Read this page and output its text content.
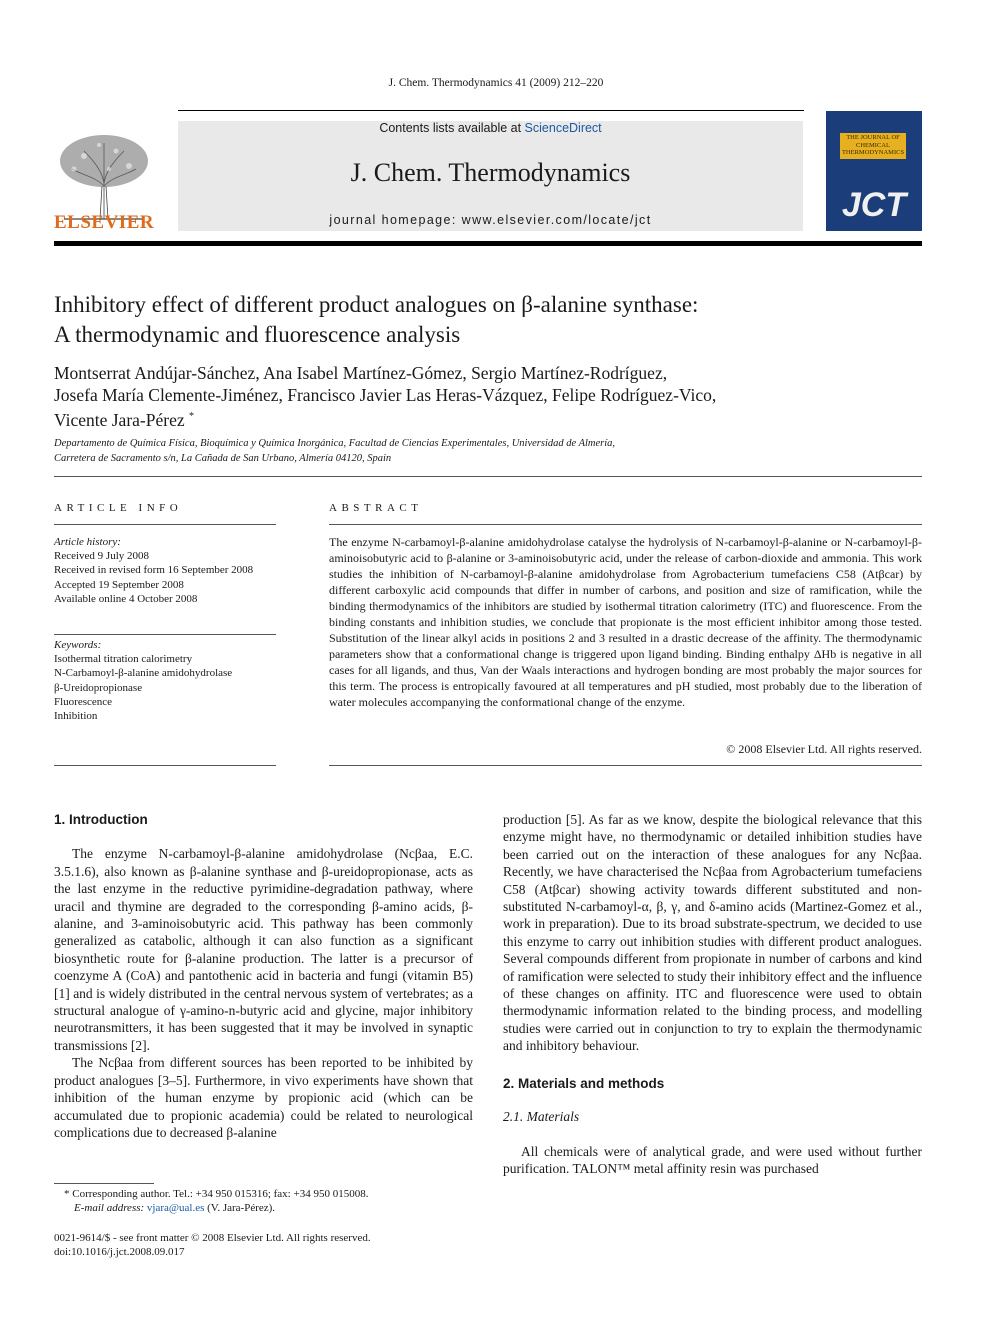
J. Chem. Thermodynamics 41 (2009) 212–220
ELSEVIER
Contents lists available at ScienceDirect
J. Chem. Thermodynamics
journal homepage: www.elsevier.com/locate/jct
THE JOURNAL OF CHEMICAL THERMODYNAMICS
JCT
Inhibitory effect of different product analogues on β-alanine synthase:
A thermodynamic and fluorescence analysis
Montserrat Andújar-Sánchez, Ana Isabel Martínez-Gómez, Sergio Martínez-Rodríguez,
Josefa María Clemente-Jiménez, Francisco Javier Las Heras-Vázquez, Felipe Rodríguez-Vico,
Vicente Jara-Pérez *
Departamento de Química Física, Bioquímica y Química Inorgánica, Facultad de Ciencias Experimentales, Universidad de Almería,
Carretera de Sacramento s/n, La Cañada de San Urbano, Almería 04120, Spain
ARTICLE INFO
Article history:
Received 9 July 2008
Received in revised form 16 September 2008
Accepted 19 September 2008
Available online 4 October 2008
Keywords:
Isothermal titration calorimetry
N-Carbamoyl-β-alanine amidohydrolase
β-Ureidopropionase
Fluorescence
Inhibition
ABSTRACT
The enzyme N-carbamoyl-β-alanine amidohydrolase catalyse the hydrolysis of N-carbamoyl-β-alanine or N-carbamoyl-β-aminoisobutyric acid to β-alanine or 3-aminoisobutyric acid, under the release of carbon-dioxide and ammonia. This work studies the inhibition of N-carbamoyl-β-alanine amidohydrolase from Agrobacterium tumefaciens C58 (Atβcar) by different carboxylic acid compounds that differ in number of carbons, and position and size of ramification, while the binding thermodynamics of the inhibitors are studied by isothermal titration calorimetry (ITC) and fluorescence. From the binding constants and inhibition studies, we conclude that propionate is the most efficient inhibitor among those tested. Substitution of the linear alkyl acids in positions 2 and 3 resulted in a drastic decrease of the affinity. The thermodynamic parameters show that a conformational change is triggered upon ligand binding. Binding enthalpy ΔHb is negative in all cases for all ligands, and thus, Van der Waals interactions and hydrogen bonding are most probably the major sources for this term. The process is entropically favoured at all temperatures and pH studied, most probably due to the liberation of water molecules accompanying the conformational change of the enzyme.
© 2008 Elsevier Ltd. All rights reserved.
1. Introduction

The enzyme N-carbamoyl-β-alanine amidohydrolase (Ncβaa, E.C. 3.5.1.6), also known as β-alanine synthase and β-ureidopropionase, acts as the last enzyme in the reductive pyrimidine-degradation pathway, where uracil and thymine are degraded to the corresponding β-amino acids, β-alanine, and 3-aminoisobutyric acid. This pathway has been commonly generalized as catabolic, although it can also function as a significant biosynthetic route for β-alanine production. The latter is a precursor of coenzyme A (CoA) and pantothenic acid in bacteria and fungi (vitamin B5) [1] and is widely distributed in the central nervous system of vertebrates; as a structural analogue of γ-amino-n-butyric acid and glycine, major inhibitory neurotransmitters, it has been suggested that it may be involved in synaptic transmissions [2].

The Ncβaa from different sources has been reported to be inhibited by product analogues [3–5]. Furthermore, in vivo experiments have shown that inhibition of the human enzyme by propionic acid (which can be accumulated due to propionic academia) could be related to neurological complications due to decreased β-alanine

production [5]. As far as we know, despite the biological relevance that this enzyme might have, no thermodynamic or detailed inhibition studies have been carried out on the interaction of these analogues for any Ncβaa. Recently, we have characterised the Ncβaa from Agrobacterium tumefaciens C58 (Atβcar) showing activity towards different substituted and non-substituted N-carbamoyl-α, β, γ, and δ-amino acids (Martinez-Gomez et al., work in preparation). Due to its broad substrate-spectrum, we decided to use this enzyme to carry out inhibition studies with different product analogues. Several compounds different from propionate in number of carbons and kind of ramification were selected to study their inhibitory effect and the influence of these changes on affinity. ITC and fluorescence were used to obtain thermodynamic information related to the binding process, and modelling studies were carried out in conjunction to try to explain the thermodynamic and inhibitory behaviour.

2. Materials and methods
2.1. Materials

All chemicals were of analytical grade, and were used without further purification. TALON™ metal affinity resin was purchased

* Corresponding author. Tel.: +34 950 015316; fax: +34 950 015008.
E-mail address: vjara@ual.es (V. Jara-Pérez).
0021-9614/$ - see front matter © 2008 Elsevier Ltd. All rights reserved.
doi:10.1016/j.jct.2008.09.017
